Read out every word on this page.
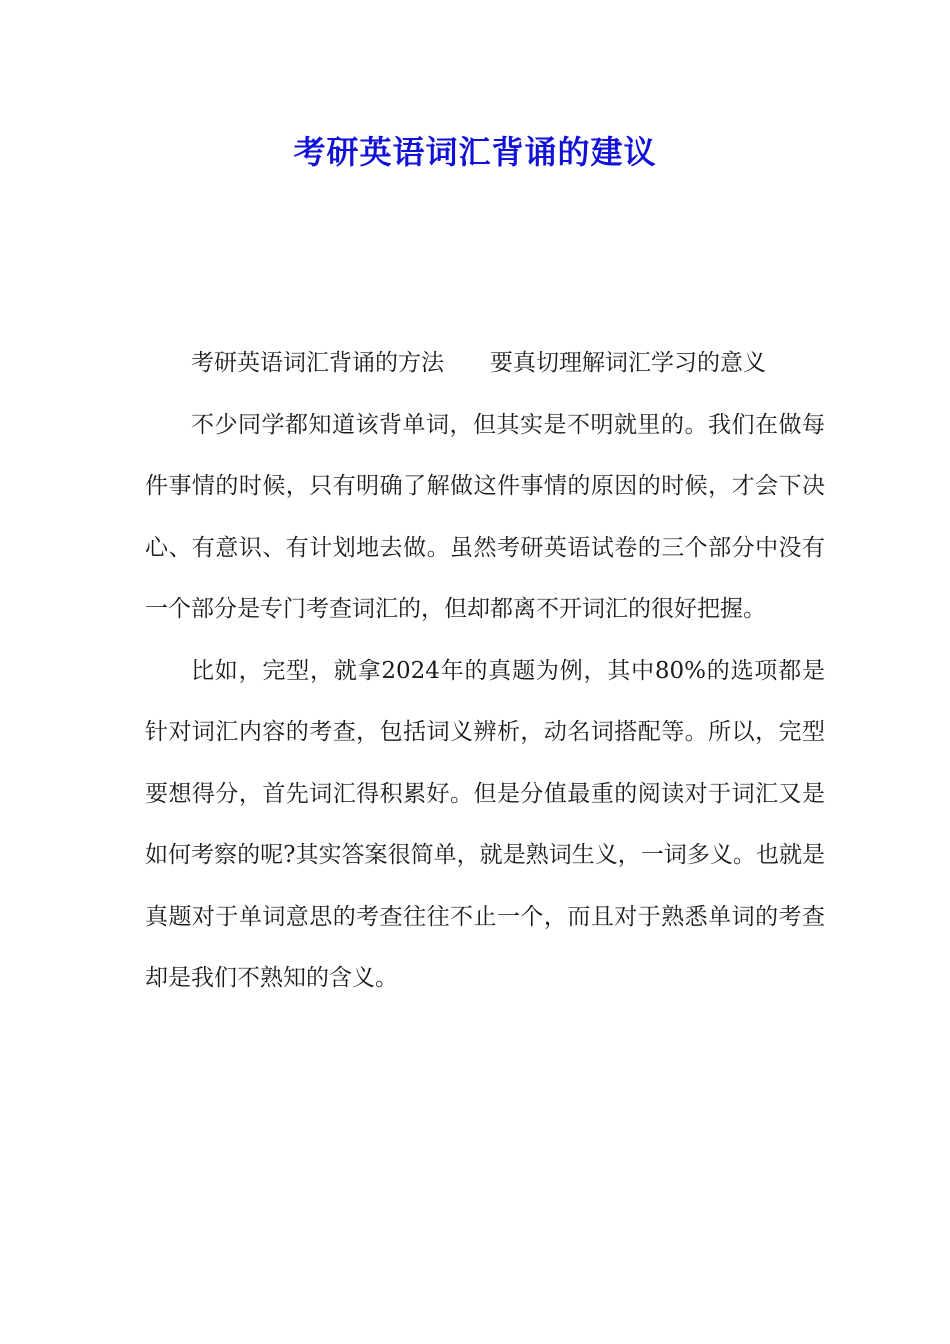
考研英语词汇背诵的建议

考研英语词汇背诵的方法 要真切理解词汇学习的意义

不少同学都知道该背单词，但其实是不明就里的。我们在做每件事情的时候，只有明确了解做这件事情的原因的时候，才会下决心、有意识、有计划地去做。虽然考研英语试卷的三个部分中没有一个部分是专门考查词汇的，但却都离不开词汇的很好把握。

比如，完型，就拿2024年的真题为例，其中80%的选项都是针对词汇内容的考查，包括词义辨析，动名词搭配等。所以，完型要想得分，首先词汇得积累好。但是分值最重的阅读对于词汇又是如何考察的呢?其实答案很简单，就是熟词生义，一词多义。也就是真题对于单词意思的考查往往不止一个，而且对于熟悉单词的考查却是我们不熟知的含义。
